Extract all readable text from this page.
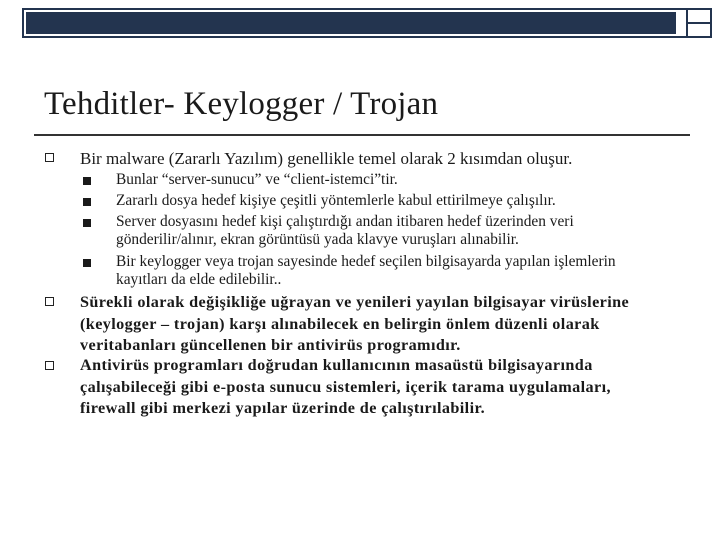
Tehditler- Keylogger / Trojan
Bir malware (Zararlı Yazılım) genellikle temel olarak 2 kısımdan oluşur.
Bunlar “server-sunucu” ve “client-istemci”tir.
Zararlı dosya hedef kişiye çeşitli yöntemlerle kabul ettirilmeye çalışılır.
Server dosyasını hedef kişi çalıştırdığı andan itibaren hedef üzerinden veri gönderilir/alınır, ekran görüntüsü yada klavye vuruşları alınabilir.
Bir keylogger veya trojan sayesinde hedef seçilen bilgisayarda yapılan işlemlerin kayıtları da elde edilebilir..
Sürekli olarak değişikliğe uğrayan ve yenileri yayılan bilgisayar virüslerine (keylogger – trojan) karşı alınabilecek en belirgin önlem düzenli olarak veritabanları güncellenen bir antivirüs programıdır.
Antivirüs programları doğrudan kullanıcının masaüstü bilgisayarında çalışabileceği gibi e-posta sunucu sistemleri, içerik tarama uygulamaları, firewall gibi merkezi yapılar üzerinde de çalıştırılabilir.
